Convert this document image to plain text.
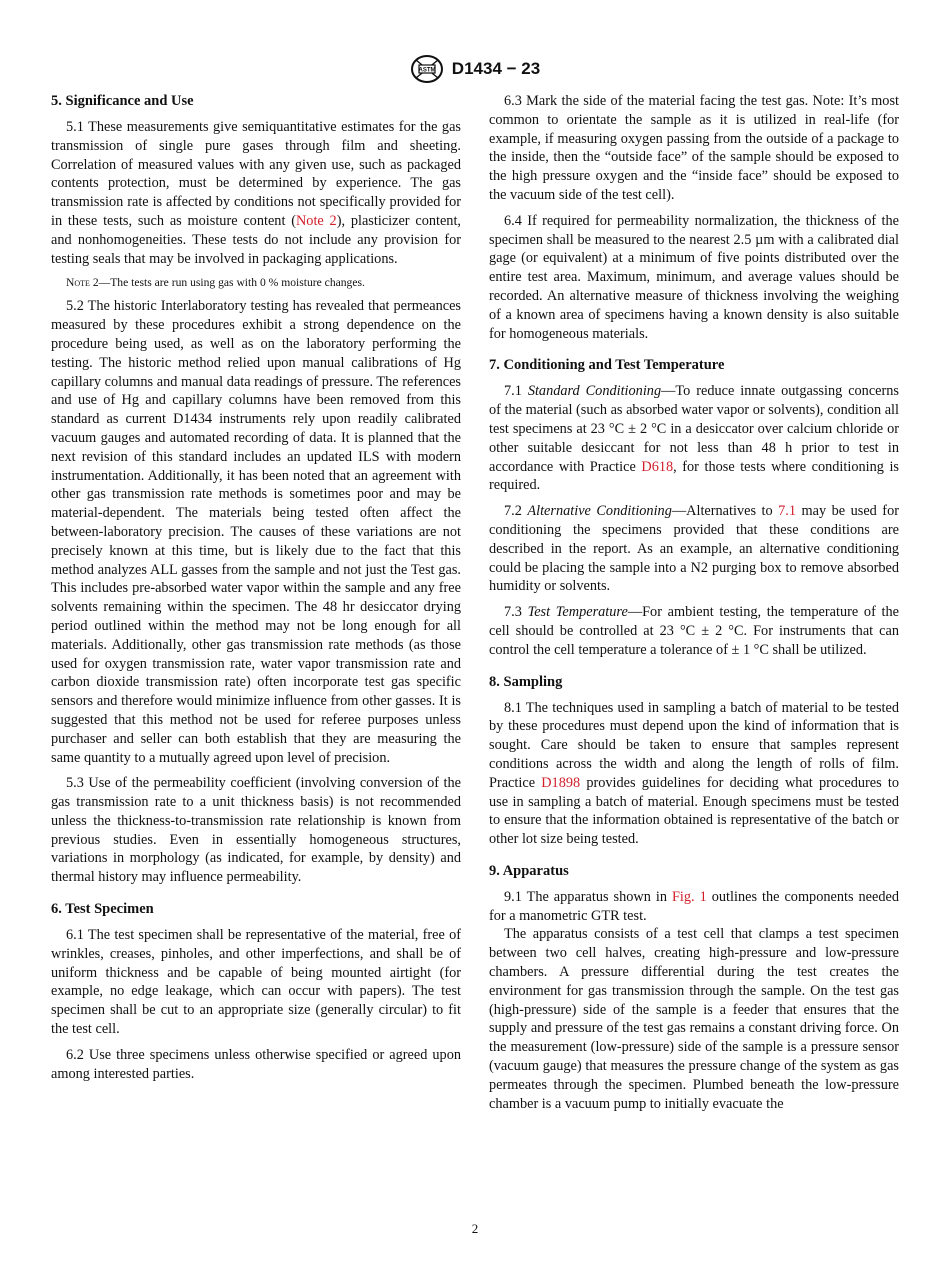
ASTM D1434 − 23
5. Significance and Use

5.1 These measurements give semiquantitative estimates for the gas transmission of single pure gases through film and sheeting. Correlation of measured values with any given use, such as packaged contents protection, must be determined by experience. The gas transmission rate is affected by conditions not specifically provided for in these tests, such as moisture content (Note 2), plasticizer content, and nonhomogeneities. These tests do not include any provision for testing seals that may be involved in packaging applications.

Note 2—The tests are run using gas with 0 % moisture changes.

5.2 The historic Interlaboratory testing has revealed that permeances measured by these procedures exhibit a strong dependence on the procedure being used, as well as on the laboratory performing the testing. The historic method relied upon manual calibrations of Hg capillary columns and manual data readings of pressure. The references and use of Hg and capillary columns have been removed from this standard as current D1434 instruments rely upon readily calibrated vacuum gauges and automated recording of data. It is planned that the next revision of this standard includes an updated ILS with modern instrumentation. Additionally, it has been noted that an agreement with other gas transmission rate methods is sometimes poor and may be material-dependent. The materials being tested often affect the between-laboratory precision. The causes of these variations are not precisely known at this time, but is likely due to the fact that this method analyzes ALL gasses from the sample and not just the Test gas. This includes pre-absorbed water vapor within the sample and any free solvents remaining within the specimen. The 48 hr desiccator drying period outlined within the method may not be long enough for all materials. Additionally, other gas transmission rate methods (as those used for oxygen transmission rate, water vapor transmission rate and carbon dioxide transmission rate) often incorporate test gas specific sensors and therefore would minimize influence from other gasses. It is suggested that this method not be used for referee purposes unless purchaser and seller can both establish that they are measuring the same quantity to a mutually agreed upon level of precision.

5.3 Use of the permeability coefficient (involving conversion of the gas transmission rate to a unit thickness basis) is not recommended unless the thickness-to-transmission rate relationship is known from previous studies. Even in essentially homogeneous structures, variations in morphology (as indicated, for example, by density) and thermal history may influence permeability.

6. Test Specimen

6.1 The test specimen shall be representative of the material, free of wrinkles, creases, pinholes, and other imperfections, and shall be of uniform thickness and be capable of being mounted airtight (for example, no edge leakage, which can occur with papers). The test specimen shall be cut to an appropriate size (generally circular) to fit the test cell.

6.2 Use three specimens unless otherwise specified or agreed upon among interested parties.

6.3 Mark the side of the material facing the test gas. Note: It’s most common to orientate the sample as it is utilized in real-life (for example, if measuring oxygen passing from the outside of a package to the inside, then the “outside face” of the sample should be exposed to the high pressure oxygen and the “inside face” should be exposed to the vacuum side of the test cell).

6.4 If required for permeability normalization, the thickness of the specimen shall be measured to the nearest 2.5 µm with a calibrated dial gage (or equivalent) at a minimum of five points distributed over the entire test area. Maximum, minimum, and average values should be recorded. An alternative measure of thickness involving the weighing of a known area of specimens having a known density is also suitable for homogeneous materials.

7. Conditioning and Test Temperature

7.1 Standard Conditioning—To reduce innate outgassing concerns of the material (such as absorbed water vapor or solvents), condition all test specimens at 23 °C ± 2 °C in a desiccator over calcium chloride or other suitable desiccant for not less than 48 h prior to test in accordance with Practice D618, for those tests where conditioning is required.

7.2 Alternative Conditioning—Alternatives to 7.1 may be used for conditioning the specimens provided that these conditions are described in the report. As an example, an alternative conditioning could be placing the sample into a N2 purging box to remove absorbed humidity or solvents.

7.3 Test Temperature—For ambient testing, the temperature of the cell should be controlled at 23 °C ± 2 °C. For instruments that can control the cell temperature a tolerance of ± 1 °C shall be utilized.

8. Sampling

8.1 The techniques used in sampling a batch of material to be tested by these procedures must depend upon the kind of information that is sought. Care should be taken to ensure that samples represent conditions across the width and along the length of rolls of film. Practice D1898 provides guidelines for deciding what procedures to use in sampling a batch of material. Enough specimens must be tested to ensure that the information obtained is representative of the batch or other lot size being tested.

9. Apparatus

9.1 The apparatus shown in Fig. 1 outlines the components needed for a manometric GTR test.

The apparatus consists of a test cell that clamps a test specimen between two cell halves, creating high-pressure and low-pressure chambers. A pressure differential during the test creates the environment for gas transmission through the sample. On the test gas (high-pressure) side of the sample is a feeder that ensures that the supply and pressure of the test gas remains a constant driving force. On the measurement (low-pressure) side of the sample is a pressure sensor (vacuum gauge) that measures the pressure change of the system as gas permeates through the specimen. Plumbed beneath the low-pressure chamber is a vacuum pump to initially evacuate the

2
